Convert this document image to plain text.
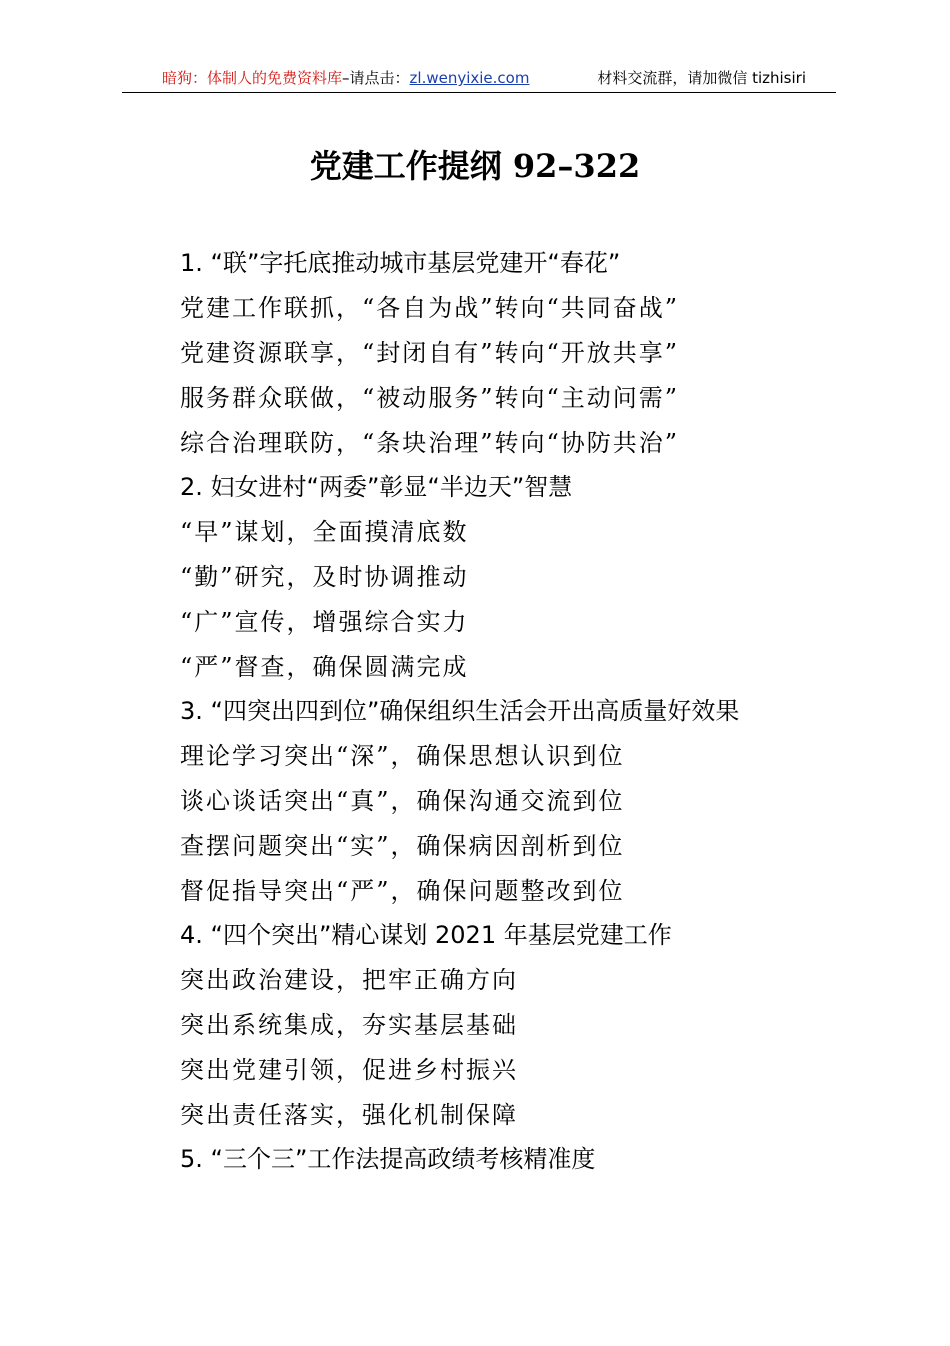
暗狗：体制人的免费资料库–请点击：zl.wenyixie.com	材料交流群，请加微信 tizhisiri
党建工作提纲 92–322
1. “联”字托底推动城市基层党建开“春花”
党建工作联抓，“各自为战”转向“共同奋战”
党建资源联享，“封闭自有”转向“开放共享”
服务群众联做，“被动服务”转向“主动问需”
综合治理联防，“条块治理”转向“协防共治”
2. 妇女进村“两委”彰显“半边天”智慧
“早”谋划，全面摸清底数
“勤”研究，及时协调推动
“广”宣传，增强综合实力
“严”督查，确保圆满完成
3. “四突出四到位”确保组织生活会开出高质量好效果
理论学习突出“深”，确保思想认识到位
谈心谈话突出“真”，确保沟通交流到位
查摆问题突出“实”，确保病因剖析到位
督促指导突出“严”，确保问题整改到位
4. “四个突出”精心谋划 2021 年基层党建工作
突出政治建设，把牢正确方向
突出系统集成，夯实基层基础
突出党建引领，促进乡村振兴
突出责任落实，强化机制保障
5. “三个三”工作法提高政绩考核精准度
